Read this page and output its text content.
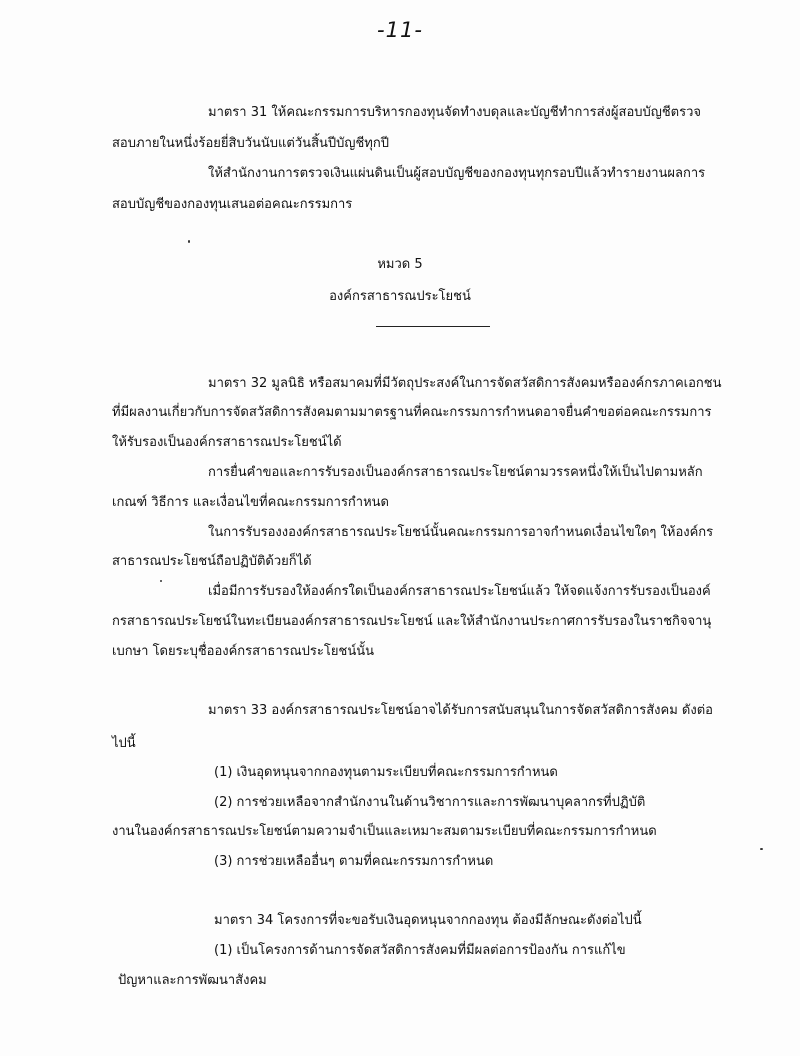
-11-
มาตรา 31 ให้คณะกรรมการบริหารกองทุนจัดทำงบดุลและบัญชีทำการส่งผู้สอบบัญชีตรวจ
สอบภายในหนึ่งร้อยยี่สิบวันนับแต่วันสิ้นปีบัญชีทุกปี
ให้สำนักงานการตรวจเงินแผ่นดินเป็นผู้สอบบัญชีของกองทุนทุกรอบปีแล้วทำรายงานผลการ
สอบบัญชีของกองทุนเสนอต่อคณะกรรมการ
หมวด 5
องค์กรสาธารณประโยชน์
มาตรา 32 มูลนิธิ หรือสมาคมที่มีวัตถุประสงค์ในการจัดสวัสดิการสังคมหรือองค์กรภาคเอกชน
ที่มีผลงานเกี่ยวกับการจัดสวัสดิการสังคมตามมาตรฐานที่คณะกรรมการกำหนดอาจยื่นคำขอต่อคณะกรรมการ
ให้รับรองเป็นองค์กรสาธารณประโยชน์ได้
การยื่นคำขอและการรับรองเป็นองค์กรสาธารณประโยชน์ตามวรรคหนึ่งให้เป็นไปตามหลัก
เกณฑ์ วิธีการ และเงื่อนไขที่คณะกรรมการกำหนด
ในการรับรองงองค์กรสาธารณประโยชน์นั้นคณะกรรมการอาจกำหนดเงื่อนไขใดๆ ให้องค์กร
สาธารณประโยชน์ถือปฏิบัติด้วยก็ได้
เมื่อมีการรับรองให้องค์กรใดเป็นองค์กรสาธารณประโยชน์แล้ว ให้จดแจ้งการรับรองเป็นองค์
กรสาธารณประโยชน์ในทะเบียนองค์กรสาธารณประโยชน์ และให้สำนักงานประกาศการรับรองในราชกิจจานุ
เบกษา โดยระบุชื่อองค์กรสาธารณประโยชน์นั้น
มาตรา 33 องค์กรสาธารณประโยชน์อาจได้รับการสนับสนุนในการจัดสวัสดิการสังคม ดังต่อ
ไปนี้
(1) เงินอุดหนุนจากกองทุนตามระเบียบที่คณะกรรมการกำหนด
(2) การช่วยเหลือจากสำนักงานในด้านวิชาการและการพัฒนาบุคลากรที่ปฏิบัติ
งานในองค์กรสาธารณประโยชน์ตามความจำเป็นและเหมาะสมตามระเบียบที่คณะกรรมการกำหนด
(3) การช่วยเหลืออื่นๆ ตามที่คณะกรรมการกำหนด
มาตรา 34 โครงการที่จะขอรับเงินอุดหนุนจากกองทุน ต้องมีลักษณะดังต่อไปนี้
(1) เป็นโครงการด้านการจัดสวัสดิการสังคมที่มีผลต่อการป้องกัน การแก้ไข
ปัญหาและการพัฒนาสังคม
